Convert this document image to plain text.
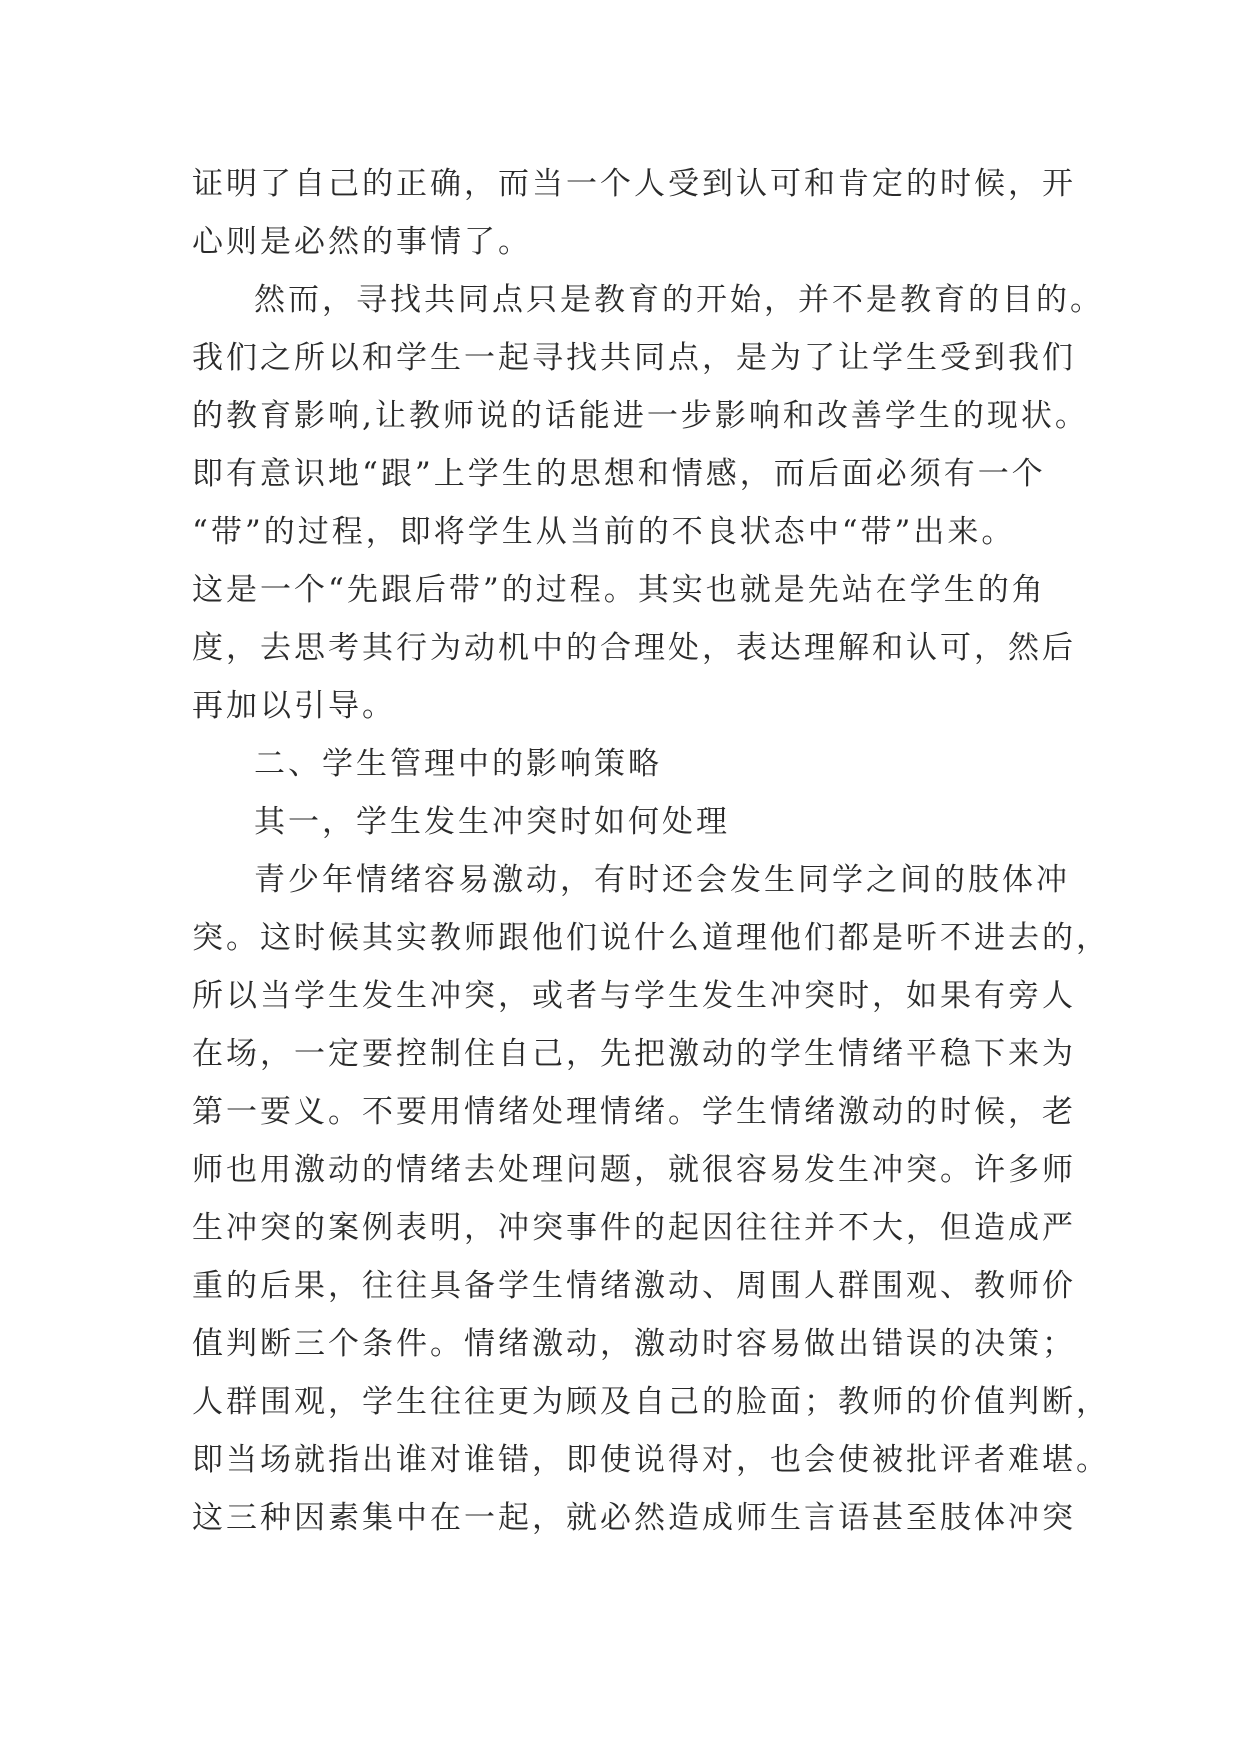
证明了自己的正确，而当一个人受到认可和肯定的时候，开
心则是必然的事情了。
然而，寻找共同点只是教育的开始，并不是教育的目的。
我们之所以和学生一起寻找共同点，是为了让学生受到我们
的教育影响,让教师说的话能进一步影响和改善学生的现状。
即有意识地“跟”上学生的思想和情感，而后面必须有一个
“带”的过程，即将学生从当前的不良状态中“带”出来。
这是一个“先跟后带”的过程。其实也就是先站在学生的角
度，去思考其行为动机中的合理处，表达理解和认可，然后
再加以引导。
二、学生管理中的影响策略
其一，学生发生冲突时如何处理
青少年情绪容易激动，有时还会发生同学之间的肢体冲
突。这时候其实教师跟他们说什么道理他们都是听不进去的，
所以当学生发生冲突，或者与学生发生冲突时，如果有旁人
在场，一定要控制住自己，先把激动的学生情绪平稳下来为
第一要义。不要用情绪处理情绪。学生情绪激动的时候，老
师也用激动的情绪去处理问题，就很容易发生冲突。许多师
生冲突的案例表明，冲突事件的起因往往并不大，但造成严
重的后果，往往具备学生情绪激动、周围人群围观、教师价
值判断三个条件。情绪激动，激动时容易做出错误的决策；
人群围观，学生往往更为顾及自己的脸面；教师的价值判断，
即当场就指出谁对谁错，即使说得对，也会使被批评者难堪。
这三种因素集中在一起，就必然造成师生言语甚至肢体冲突
